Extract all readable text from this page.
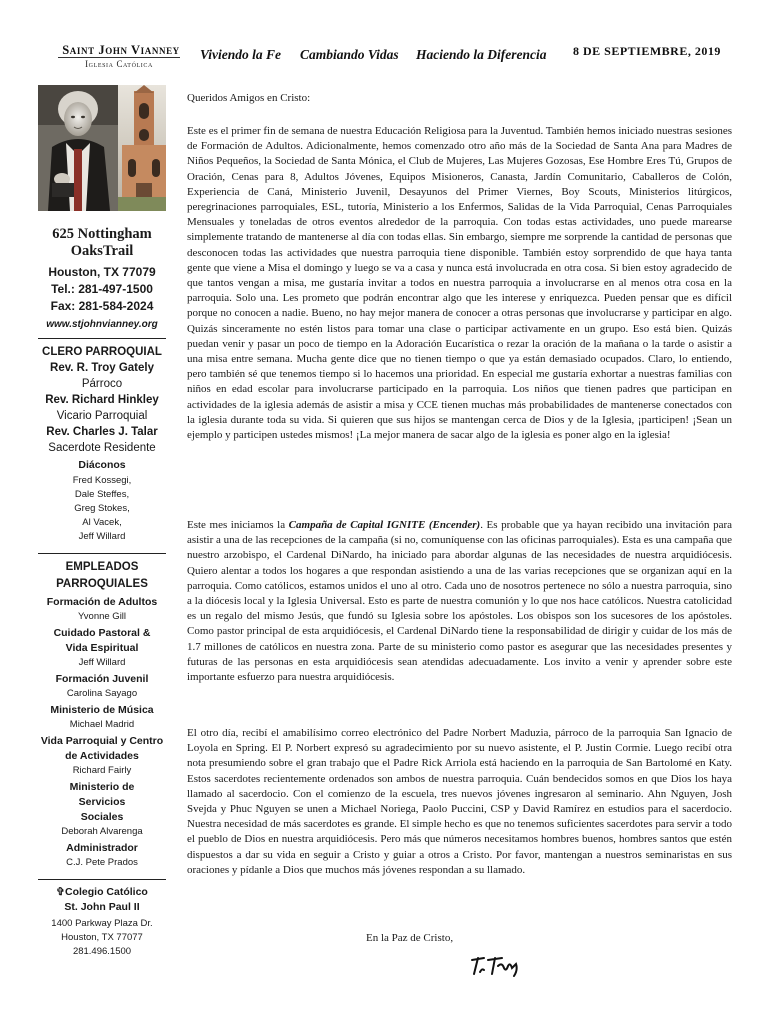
Saint John Vianney
Iglesia Católica
Viviendo la Fe Cambiando Vidas Haciendo la Diferencia 8 DE SEPTIEMBRE, 2019
625 Nottingham
OaksTrail
Houston, TX 77079
Tel.: 281-497-1500
Fax: 281-584-2024
www.stjohnvianney.org
CLERO PARROQUIAL
Rev. R. Troy Gately
Párroco
Rev. Richard Hinkley
Vicario Parroquial
Rev. Charles J. Talar
Sacerdote Residente
Diáconos
Fred Kossegi,
Dale Steffes,
Greg Stokes,
Al Vacek,
Jeff Willard
EMPLEADOS
PARROQUIALES
Formación de Adultos
Yvonne Gill
Cuidado Pastoral & Vida Espiritual
Jeff Willard
Formación Juvenil
Carolina Sayago
Ministerio de Música
Michael Madrid
Vida Parroquial y Centro de Actividades
Richard Fairly
Ministerio de Servicios Sociales
Deborah Alvarenga
Administrador
C.J. Pete Prados
✞Colegio Católico
St. John Paul II
1400 Parkway Plaza Dr.
Houston, TX 77077
281.496.1500
Queridos Amigos en Cristo:
Este es el primer fin de semana de nuestra Educación Religiosa para la Juventud. También hemos iniciado nuestras sesiones de Formación de Adultos. Adicionalmente, hemos comenzado otro año más de la Sociedad de Santa Ana para Madres de Niños Pequeños, la Sociedad de Santa Mónica, el Club de Mujeres, Las Mujeres Gozosas, Ese Hombre Eres Tú, Grupos de Oración, Cenas para 8, Adultos Jóvenes, Equipos Misioneros, Canasta, Jardín Comunitario, Caballeros de Colón, Experiencia de Caná, Ministerio Juvenil, Desayunos del Primer Viernes, Boy Scouts, Ministerios litúrgicos, peregrinaciones parroquiales, ESL, tutoría, Ministerio a los Enfermos, Salidas de la Vida Parroquial, Cenas Parroquiales Mensuales y toneladas de otros eventos alrededor de la parroquia. Con todas estas actividades, uno puede marearse simplemente tratando de mantenerse al día con todas ellas. Sin embargo, siempre me sorprende la cantidad de personas que desconocen todas las actividades que nuestra parroquia tiene disponible. También estoy sorprendido de que haya tanta gente que viene a Misa el domingo y luego se va a casa y nunca está involucrada en otra cosa. Si bien estoy agradecido de que tantos vengan a misa, me gustaría invitar a todos en nuestra parroquia a involucrarse en al menos otra cosa en la parroquia. Solo una. Les prometo que podrán encontrar algo que les interese y enriquezca. Pueden pensar que es difícil porque no conocen a nadie. Bueno, no hay mejor manera de conocer a otras personas que involucrarse y participar en algo. Quizás sinceramente no estén listos para tomar una clase o participar activamente en un grupo. Eso está bien. Quizás puedan venir y pasar un poco de tiempo en la Adoración Eucarística o rezar la oración de la mañana o la tarde o asistir a una misa entre semana. Mucha gente dice que no tienen tiempo o que ya están demasiado ocupados. Claro, lo entiendo, pero también sé que tenemos tiempo si lo hacemos una prioridad. En especial me gustaría exhortar a nuestras familias con niños en edad escolar para involucrarse participado en la parroquia. Los niños que tienen padres que participan en actividades de la iglesia además de asistir a misa y CCE tienen muchas más probabilidades de mantenerse conectados con la iglesia durante toda su vida. Si quieren que sus hijos se mantengan cerca de Dios y de la Iglesia, ¡participen! ¡Sean un ejemplo y participen ustedes mismos! ¡La mejor manera de sacar algo de la iglesia es poner algo en la iglesia!
Este mes iniciamos la Campaña de Capital IGNITE (Encender). Es probable que ya hayan recibido una invitación para asistir a una de las recepciones de la campaña (si no, comuníquense con las oficinas parroquiales). Esta es una campaña que nuestro arzobispo, el Cardenal DiNardo, ha iniciado para abordar algunas de las necesidades de nuestra arquidiócesis. Quiero alentar a todos los hogares a que respondan asistiendo a una de las varias recepciones que se organizan aquí en la parroquia. Como católicos, estamos unidos el uno al otro. Cada uno de nosotros pertenece no sólo a nuestra parroquia, sino a la diócesis local y la Iglesia Universal. Esto es parte de nuestra comunión y lo que nos hace católicos. Nuestra catolicidad es un regalo del mismo Jesús, que fundó su Iglesia sobre los apóstoles. Los obispos son los sucesores de los apóstoles. Como pastor principal de esta arquidiócesis, el Cardenal DiNardo tiene la responsabilidad de dirigir y cuidar de los más de 1.7 millones de católicos en nuestra zona. Parte de su ministerio como pastor es asegurar que las necesidades presentes y futuras de las personas en esta arquidiócesis sean atendidas adecuadamente. Los invito a venir y aprender sobre este importante esfuerzo para nuestra arquidiócesis.
El otro día, recibí el amabilísimo correo electrónico del Padre Norbert Maduzia, párroco de la parroquia San Ignacio de Loyola en Spring. El P. Norbert expresó su agradecimiento por su nuevo asistente, el P. Justin Cormie. Luego recibí otra nota presumiendo sobre el gran trabajo que el Padre Rick Arriola está haciendo en la parroquia de San Bartolomé en Katy. Estos sacerdotes recientemente ordenados son ambos de nuestra parroquia. Cuán bendecidos somos en que Dios los haya llamado al sacerdocio. Con el comienzo de la escuela, tres nuevos jóvenes ingresaron al seminario. Ahn Nguyen, Josh Svejda y Phuc Nguyen se unen a Michael Noriega, Paolo Puccini, CSP y David Ramírez en estudios para el sacerdocio. Nuestra necesidad de más sacerdotes es grande. El simple hecho es que no tenemos suficientes sacerdotes para servir a todo el pueblo de Dios en nuestra arquidiócesis. Pero más que números necesitamos hombres buenos, hombres santos que estén dispuestos a dar su vida en seguir a Cristo y guiar a otros a Cristo. Por favor, mantengan a nuestros seminaristas en sus oraciones y pídanle a Dios que muchos más jóvenes respondan a su llamado.
En la Paz de Cristo,
